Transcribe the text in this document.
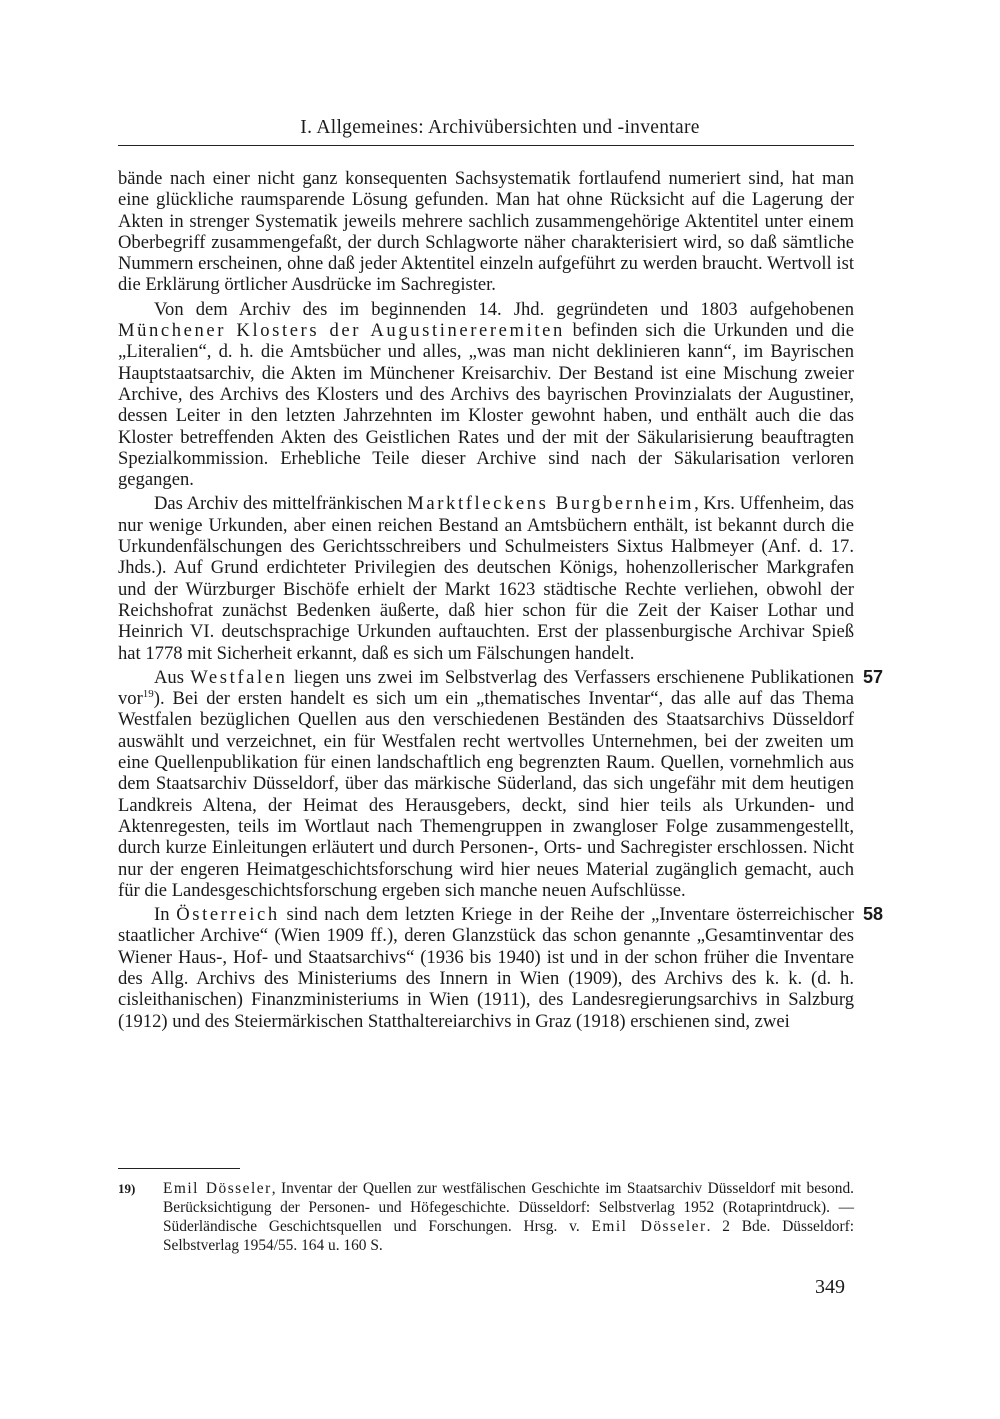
I. Allgemeines: Archivübersichten und -inventare

bände nach einer nicht ganz konsequenten Sachsystematik fortlaufend numeriert sind, hat man eine glückliche raumsparende Lösung gefunden. Man hat ohne Rücksicht auf die Lagerung der Akten in strenger Systematik jeweils mehrere sachlich zusammengehörige Aktentitel unter einem Oberbegriff zusammengefaßt, der durch Schlagworte näher charakterisiert wird, so daß sämtliche Nummern erscheinen, ohne daß jeder Aktentitel einzeln aufgeführt zu werden braucht. Wertvoll ist die Erklärung örtlicher Ausdrücke im Sachregister.

Von dem Archiv des im beginnenden 14. Jhd. gegründeten und 1803 aufgehobenen Münchener Klosters der Augustinereremiten befinden sich die Urkunden und die „Literalien“, d. h. die Amtsbücher und alles, „was man nicht deklinieren kann“, im Bayrischen Hauptstaatsarchiv, die Akten im Münchener Kreisarchiv. Der Bestand ist eine Mischung zweier Archive, des Archivs des Klosters und des Archivs des bayrischen Provinzialats der Augustiner, dessen Leiter in den letzten Jahrzehnten im Kloster gewohnt haben, und enthält auch die das Kloster betreffenden Akten des Geistlichen Rates und der mit der Säkularisierung beauftragten Spezialkommission. Erhebliche Teile dieser Archive sind nach der Säkularisation verloren gegangen.

Das Archiv des mittelfränkischen Marktfleckens Burgbernheim, Krs. Uffenheim, das nur wenige Urkunden, aber einen reichen Bestand an Amtsbüchern enthält, ist bekannt durch die Urkundenfälschungen des Gerichtsschreibers und Schulmeisters Sixtus Halbmeyer (Anf. d. 17. Jhds.). Auf Grund erdichteter Privilegien des deutschen Königs, hohenzollerischer Markgrafen und der Würzburger Bischöfe erhielt der Markt 1623 städtische Rechte verliehen, obwohl der Reichshofrat zunächst Bedenken äußerte, daß hier schon für die Zeit der Kaiser Lothar und Heinrich VI. deutschsprachige Urkunden auftauchten. Erst der plassenburgische Archivar Spieß hat 1778 mit Sicherheit erkannt, daß es sich um Fälschungen handelt.

57
Aus Westfalen liegen uns zwei im Selbstverlag des Verfassers erschienene Publikationen vor$^{19}$). Bei der ersten handelt es sich um ein „thematisches Inventar“, das alle auf das Thema Westfalen bezüglichen Quellen aus den verschiedenen Beständen des Staatsarchivs Düsseldorf auswählt und verzeichnet, ein für Westfalen recht wertvolles Unternehmen, bei der zweiten um eine Quellenpublikation für einen landschaftlich eng begrenzten Raum. Quellen, vornehmlich aus dem Staatsarchiv Düsseldorf, über das märkische Süderland, das sich ungefähr mit dem heutigen Landkreis Altena, der Heimat des Herausgebers, deckt, sind hier teils als Urkunden- und Aktenregesten, teils im Wortlaut nach Themengruppen in zwangloser Folge zusammengestellt, durch kurze Einleitungen erläutert und durch Personen-, Orts- und Sachregister erschlossen. Nicht nur der engeren Heimatgeschichtsforschung wird hier neues Material zugänglich gemacht, auch für die Landesgeschichtsforschung ergeben sich manche neuen Aufschlüsse.

58
In Österreich sind nach dem letzten Kriege in der Reihe der „Inventare österreichischer staatlicher Archive“ (Wien 1909 ff.), deren Glanzstück das schon genannte „Gesamtinventar des Wiener Haus-, Hof- und Staatsarchivs“ (1936 bis 1940) ist und in der schon früher die Inventare des Allg. Archivs des Ministeriums des Innern in Wien (1909), des Archivs des k. k. (d. h. cisleithanischen) Finanzministeriums in Wien (1911), des Landesregierungsarchivs in Salzburg (1912) und des Steiermärkischen Statthaltereiarchivs in Graz (1918) erschienen sind, zwei

19) Emil Dösseler, Inventar der Quellen zur westfälischen Geschichte im Staatsarchiv Düsseldorf mit besond. Berücksichtigung der Personen- und Höfegeschichte. Düsseldorf: Selbstverlag 1952 (Rotaprintdruck). — Süderländische Geschichtsquellen und Forschungen. Hrsg. v. Emil Dösseler. 2 Bde. Düsseldorf: Selbstverlag 1954/55. 164 u. 160 S.
349
